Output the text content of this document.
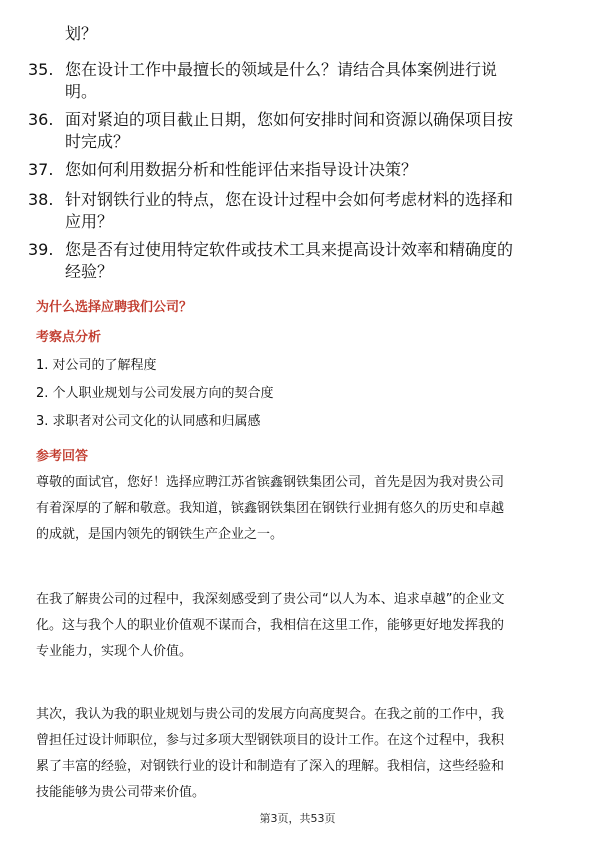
划？
35. 您在设计工作中最擅长的领域是什么？请结合具体案例进行说
明。
36. 面对紧迫的项目截止日期，您如何安排时间和资源以确保项目按
时完成？
37. 您如何利用数据分析和性能评估来指导设计决策？
38. 针对钢铁行业的特点，您在设计过程中会如何考虑材料的选择和
应用？
39. 您是否有过使用特定软件或技术工具来提高设计效率和精确度的
经验？
为什么选择应聘我们公司？
考察点分析
1. 对公司的了解程度
2. 个人职业规划与公司发展方向的契合度
3. 求职者对公司文化的认同感和归属感
参考回答
尊敬的面试官，您好！选择应聘江苏省镔鑫钢铁集团公司，首先是因为我对贵公司
有着深厚的了解和敬意。我知道，镔鑫钢铁集团在钢铁行业拥有悠久的历史和卓越
的成就，是国内领先的钢铁生产企业之一。
在我了解贵公司的过程中，我深刻感受到了贵公司“以人为本、追求卓越”的企业文
化。这与我个人的职业价值观不谋而合，我相信在这里工作，能够更好地发挥我的
专业能力，实现个人价值。
其次，我认为我的职业规划与贵公司的发展方向高度契合。在我之前的工作中，我
曾担任过设计师职位，参与过多项大型钢铁项目的设计工作。在这个过程中，我积
累了丰富的经验，对钢铁行业的设计和制造有了深入的理解。我相信，这些经验和
技能能够为贵公司带来价值。
第3页，共53页
